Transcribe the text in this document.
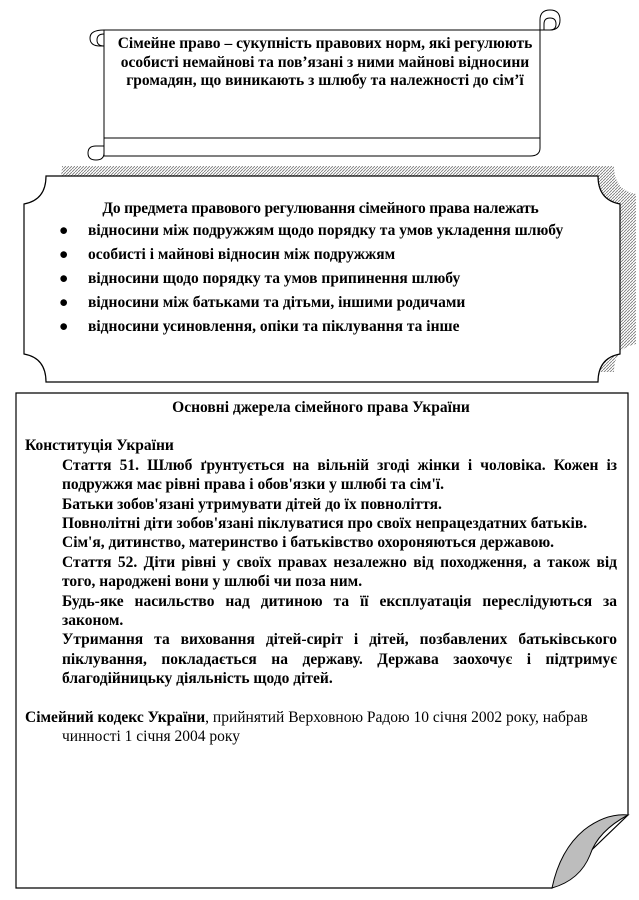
Сімейне право – сукупність правових норм, які регулюють особисті немайнові та пов’язані з ними майнові відносини громадян, що виникають з шлюбу та належності до сім’ї
До предмета правового регулювання сімейного права належать
● відносини між подружжям щодо порядку та умов укладення шлюбу
● особисті і майнові відносин між подружжям
● відносини щодо порядку та умов припинення шлюбу
● відносини між батьками та дітьми, іншими родичами
● відносини усиновлення, опіки та піклування та інше
Основні джерела сімейного права України

Конституція України

Стаття 51. Шлюб ґрунтується на вільній згоді жінки і чоловіка. Кожен із подружжя має рівні права і обов'язки у шлюбі та сім'ї.

Батьки зобов'язані утримувати дітей до їх повноліття.

Повнолітні діти зобов'язані піклуватися про своїх непрацездатних батьків.

Сім'я, дитинство, материнство і батьківство охороняються державою.

Стаття 52. Діти рівні у своїх правах незалежно від походження, а також від того, народжені вони у шлюбі чи поза ним.

Будь-яке насильство над дитиною та її експлуатація переслідуються за законом.

Утримання та виховання дітей-сиріт і дітей, позбавлених батьківського піклування, покладається на державу. Держава заохочує і підтримує благодійницьку діяльність щодо дітей.

Сімейний кодекс України, прийнятий Верховною Радою 10 січня 2002 року, набрав чинності 1 січня 2004 року
